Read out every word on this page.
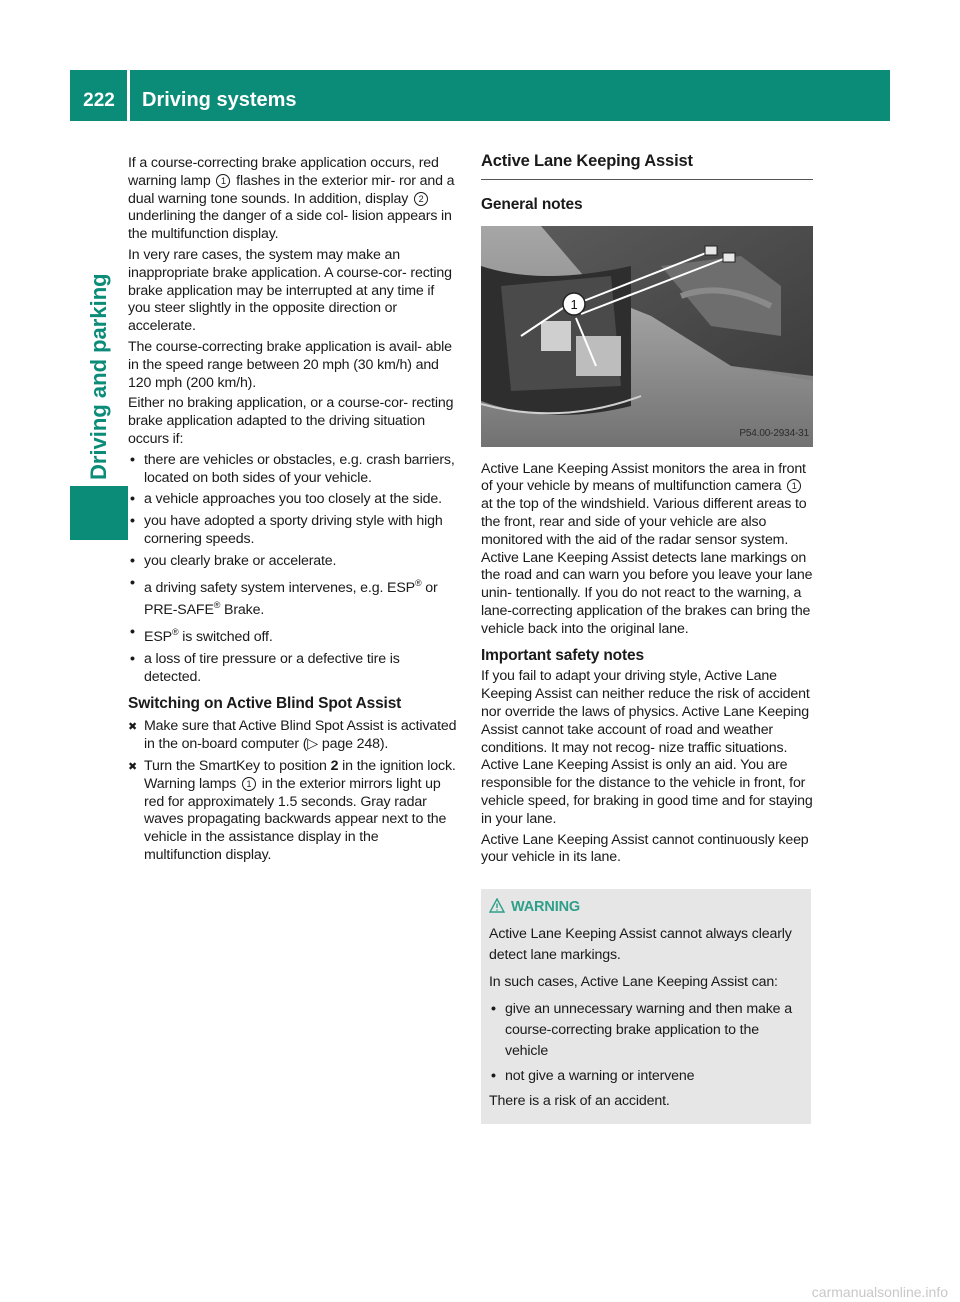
222	Driving systems
Driving and parking

If a course-correcting brake application occurs, red warning lamp 1 flashes in the exterior mir- ror and a dual warning tone sounds. In addition, display 2 underlining the danger of a side col- lision appears in the multifunction display.

In very rare cases, the system may make an inappropriate brake application. A course-cor- recting brake application may be interrupted at any time if you steer slightly in the opposite direction or accelerate.

The course-correcting brake application is avail- able in the speed range between 20 mph (30 km/h) and 120 mph (200 km/h).

Either no braking application, or a course-cor- recting brake application adapted to the driving situation occurs if:

• there are vehicles or obstacles, e.g. crash barriers, located on both sides of your vehicle.
• a vehicle approaches you too closely at the side.
• you have adopted a sporty driving style with high cornering speeds.
• you clearly brake or accelerate.
• a driving safety system intervenes, e.g. ESP® or PRE-SAFE® Brake.
• ESP® is switched off.
• a loss of tire pressure or a defective tire is detected.
Switching on Active Blind Spot Assist
✖ Make sure that Active Blind Spot Assist is activated in the on-board computer (▷ page 248).
✖ Turn the SmartKey to position 2 in the ignition lock.
Warning lamps 1 in the exterior mirrors light up red for approximately 1.5 seconds. Gray radar waves propagating backwards appear next to the vehicle in the assistance display in the multifunction display.
Active Lane Keeping Assist
General notes
1
P54.00-2934-31

Active Lane Keeping Assist monitors the area in front of your vehicle by means of multifunction camera 1 at the top of the windshield. Various different areas to the front, rear and side of your vehicle are also monitored with the aid of the radar sensor system. Active Lane Keeping Assist detects lane markings on the road and can warn you before you leave your lane unin- tentionally. If you do not react to the warning, a lane-correcting application of the brakes can bring the vehicle back into the original lane.

Important safety notes

If you fail to adapt your driving style, Active Lane Keeping Assist can neither reduce the risk of accident nor override the laws of physics. Active Lane Keeping Assist cannot take account of road and weather conditions. It may not recog- nize traffic situations. Active Lane Keeping Assist is only an aid. You are responsible for the distance to the vehicle in front, for vehicle speed, for braking in good time and for staying in your lane.

Active Lane Keeping Assist cannot continuously keep your vehicle in its lane.

WARNING

Active Lane Keeping Assist cannot always clearly detect lane markings.

In such cases, Active Lane Keeping Assist can:

• give an unnecessary warning and then make a course-correcting brake application to the vehicle
• not give a warning or intervene

There is a risk of an accident.

carmanualsonline.info
